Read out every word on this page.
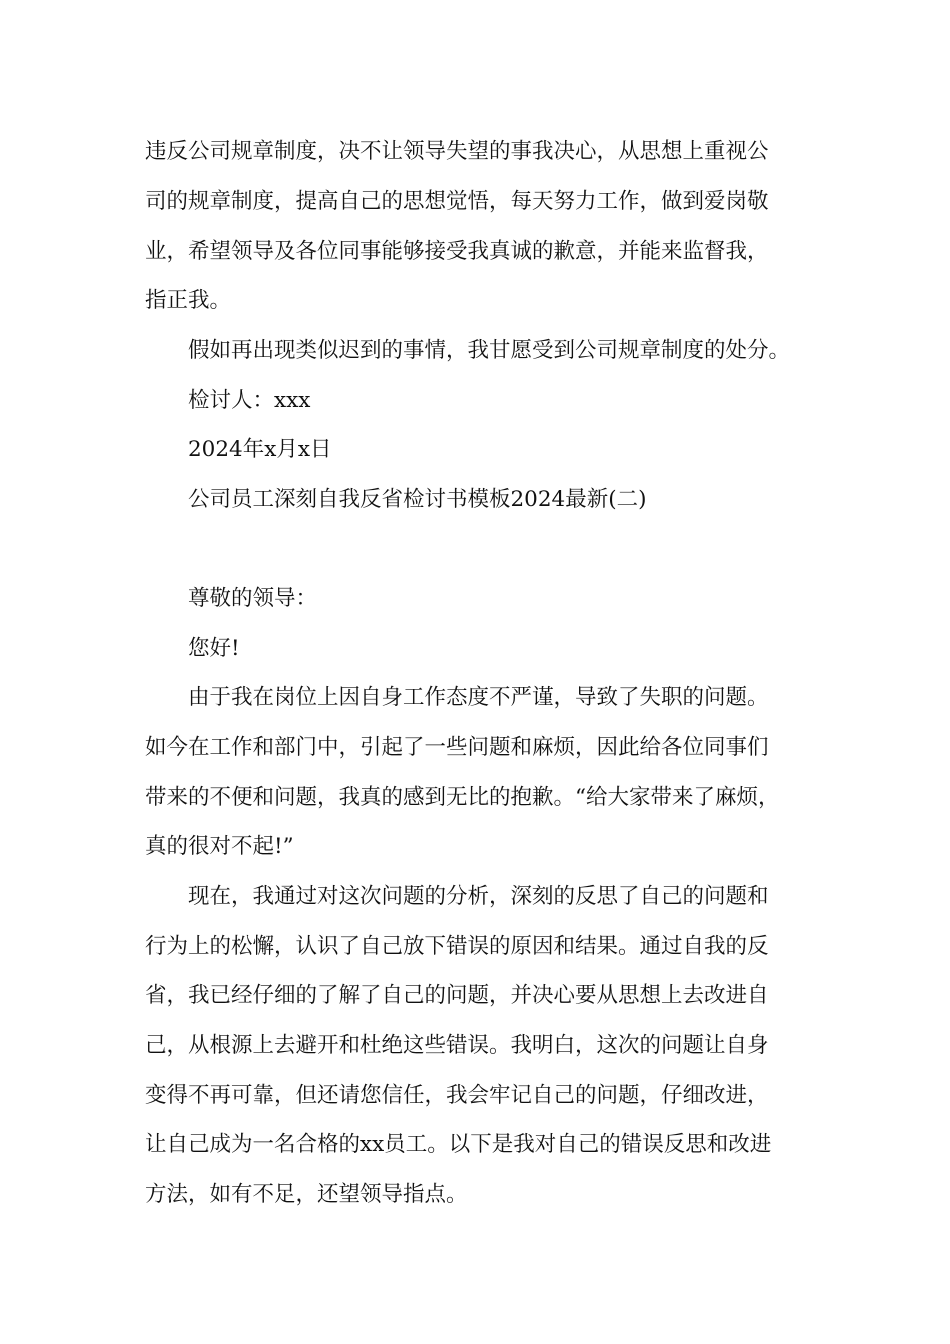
违反公司规章制度，决不让领导失望的事我决心，从思想上重视公
司的规章制度，提高自己的思想觉悟，每天努力工作，做到爱岗敬
业，希望领导及各位同事能够接受我真诚的歉意，并能来监督我，
指正我。
假如再出现类似迟到的事情，我甘愿受到公司规章制度的处分。
检讨人：xxx
2024年x月x日
公司员工深刻自我反省检讨书模板2024最新(二)
尊敬的领导：
您好!
由于我在岗位上因自身工作态度不严谨，导致了失职的问题。
如今在工作和部门中，引起了一些问题和麻烦，因此给各位同事们
带来的不便和问题，我真的感到无比的抱歉。“给大家带来了麻烦，
真的很对不起!”
现在，我通过对这次问题的分析，深刻的反思了自己的问题和
行为上的松懈，认识了自己放下错误的原因和结果。通过自我的反
省，我已经仔细的了解了自己的问题，并决心要从思想上去改进自
己，从根源上去避开和杜绝这些错误。我明白，这次的问题让自身
变得不再可靠，但还请您信任，我会牢记自己的问题，仔细改进，
让自己成为一名合格的xx员工。以下是我对自己的错误反思和改进
方法，如有不足，还望领导指点。
